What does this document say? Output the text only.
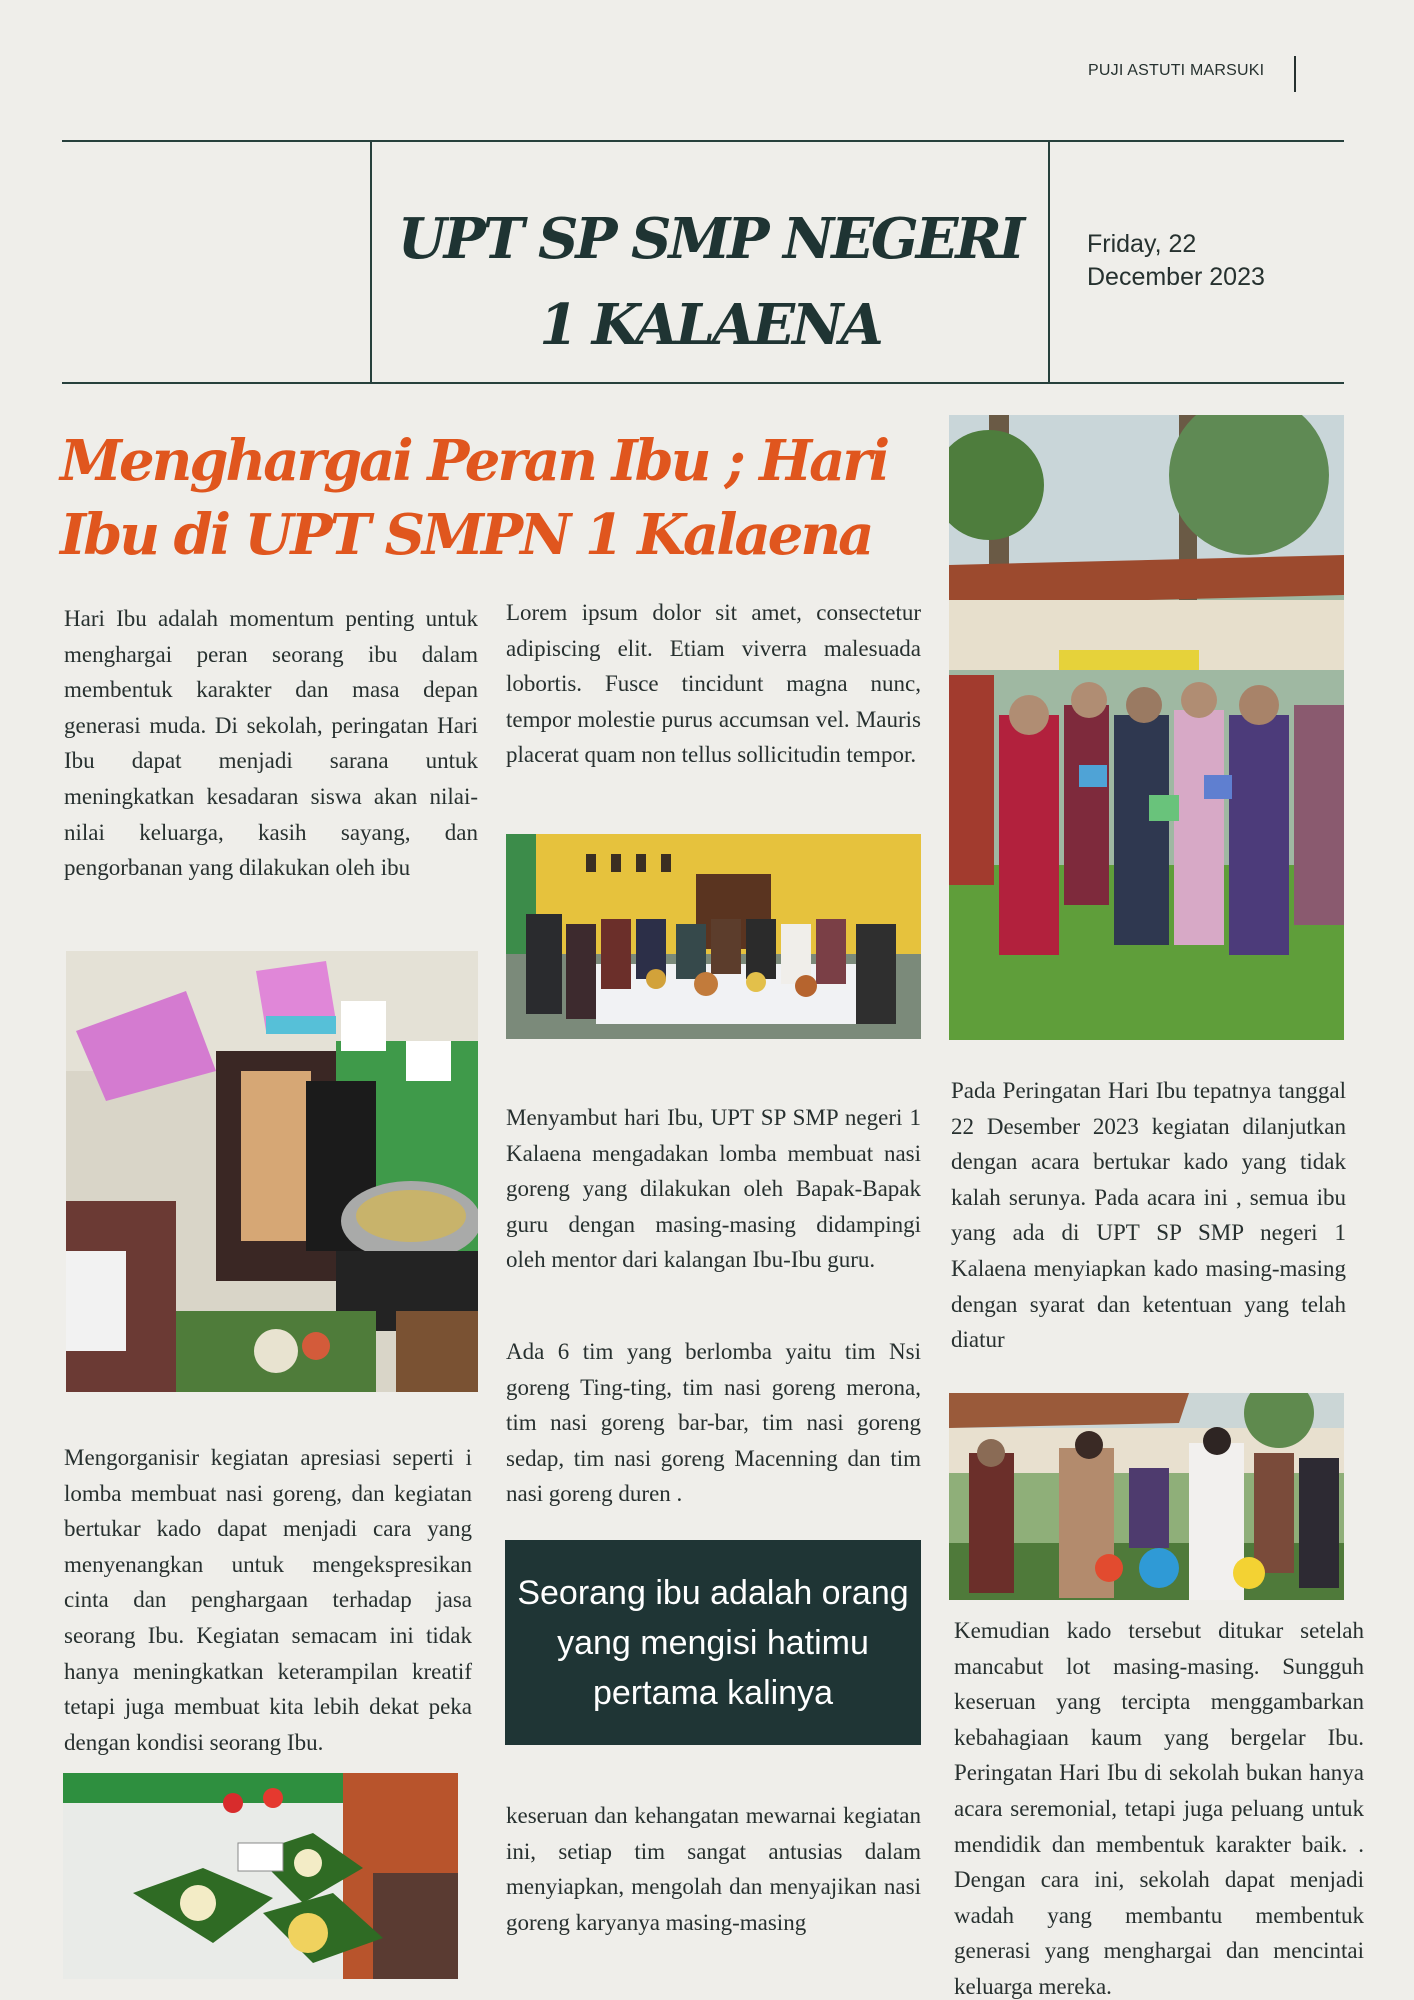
PUJI ASTUTI MARSUKI
UPT SP SMP NEGERI 1 KALAENA
Friday, 22
December 2023
Menghargai Peran Ibu ; Hari Ibu di UPT SMPN 1 Kalaena
Hari Ibu adalah momentum penting untuk menghargai peran seorang ibu dalam membentuk karakter dan masa depan generasi muda. Di sekolah, peringatan Hari Ibu dapat menjadi sarana untuk meningkatkan kesadaran siswa akan nilai-nilai keluarga, kasih sayang, dan pengorbanan yang dilakukan oleh ibu
Mengorganisir kegiatan apresiasi seperti i lomba membuat nasi goreng, dan kegiatan bertukar kado dapat menjadi cara yang menyenangkan untuk mengekspresikan cinta dan penghargaan terhadap jasa seorang Ibu. Kegiatan semacam ini tidak hanya meningkatkan keterampilan kreatif tetapi juga membuat kita lebih dekat peka dengan kondisi seorang Ibu.
Lorem ipsum dolor sit amet, consectetur adipiscing elit. Etiam viverra malesuada lobortis. Fusce tincidunt magna nunc, tempor molestie purus accumsan vel. Mauris placerat quam non tellus sollicitudin tempor.
Menyambut hari Ibu, UPT SP SMP negeri 1 Kalaena mengadakan lomba membuat nasi goreng yang dilakukan oleh Bapak-Bapak guru dengan masing-masing didampingi oleh mentor dari kalangan Ibu-Ibu guru.
Ada 6 tim yang berlomba yaitu tim Nsi goreng Ting-ting, tim nasi goreng merona, tim nasi goreng bar-bar, tim nasi goreng sedap, tim nasi goreng Macenning dan tim nasi goreng duren .
Seorang ibu adalah orang yang mengisi hatimu pertama kalinya
keseruan dan kehangatan mewarnai kegiatan ini, setiap tim sangat antusias dalam menyiapkan, mengolah dan menyajikan nasi goreng karyanya masing-masing
Pada Peringatan Hari Ibu tepatnya tanggal 22 Desember 2023 kegiatan dilanjutkan dengan acara bertukar kado yang tidak kalah serunya. Pada acara ini , semua ibu yang ada di UPT SP SMP negeri 1 Kalaena menyiapkan kado masing-masing dengan syarat dan ketentuan yang telah diatur
Kemudian kado tersebut ditukar setelah mancabut lot masing-masing. Sungguh keseruan yang tercipta menggambarkan kebahagiaan kaum yang bergelar Ibu. Peringatan Hari Ibu di sekolah bukan hanya acara seremonial, tetapi juga peluang untuk mendidik dan membentuk karakter baik. . Dengan cara ini, sekolah dapat menjadi wadah yang membantu membentuk generasi yang menghargai dan mencintai keluarga mereka.
